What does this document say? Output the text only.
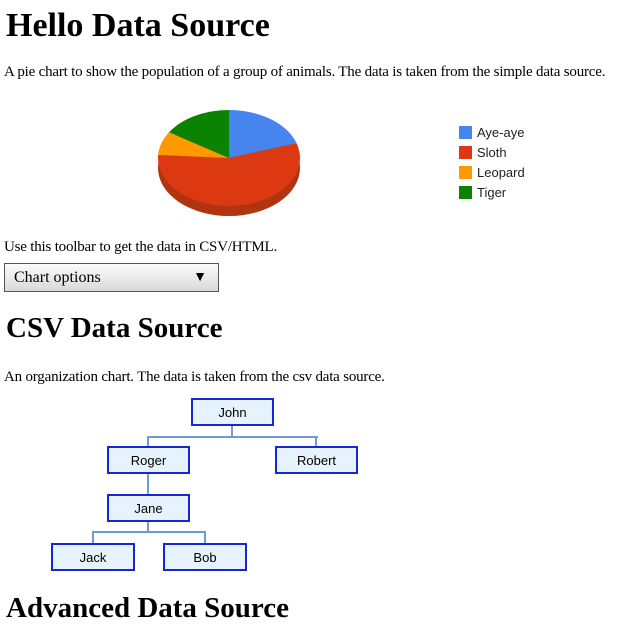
Hello Data Source
A pie chart to show the population of a group of animals. The data is taken from the simple data source.
Aye-aye
Sloth
Leopard
Tiger
Use this toolbar to get the data in CSV/HTML.
Chart options	▼
CSV Data Source
An organization chart. The data is taken from the csv data source.
John
Roger	Robert
Jane
Jack	Bob
Advanced Data Source
